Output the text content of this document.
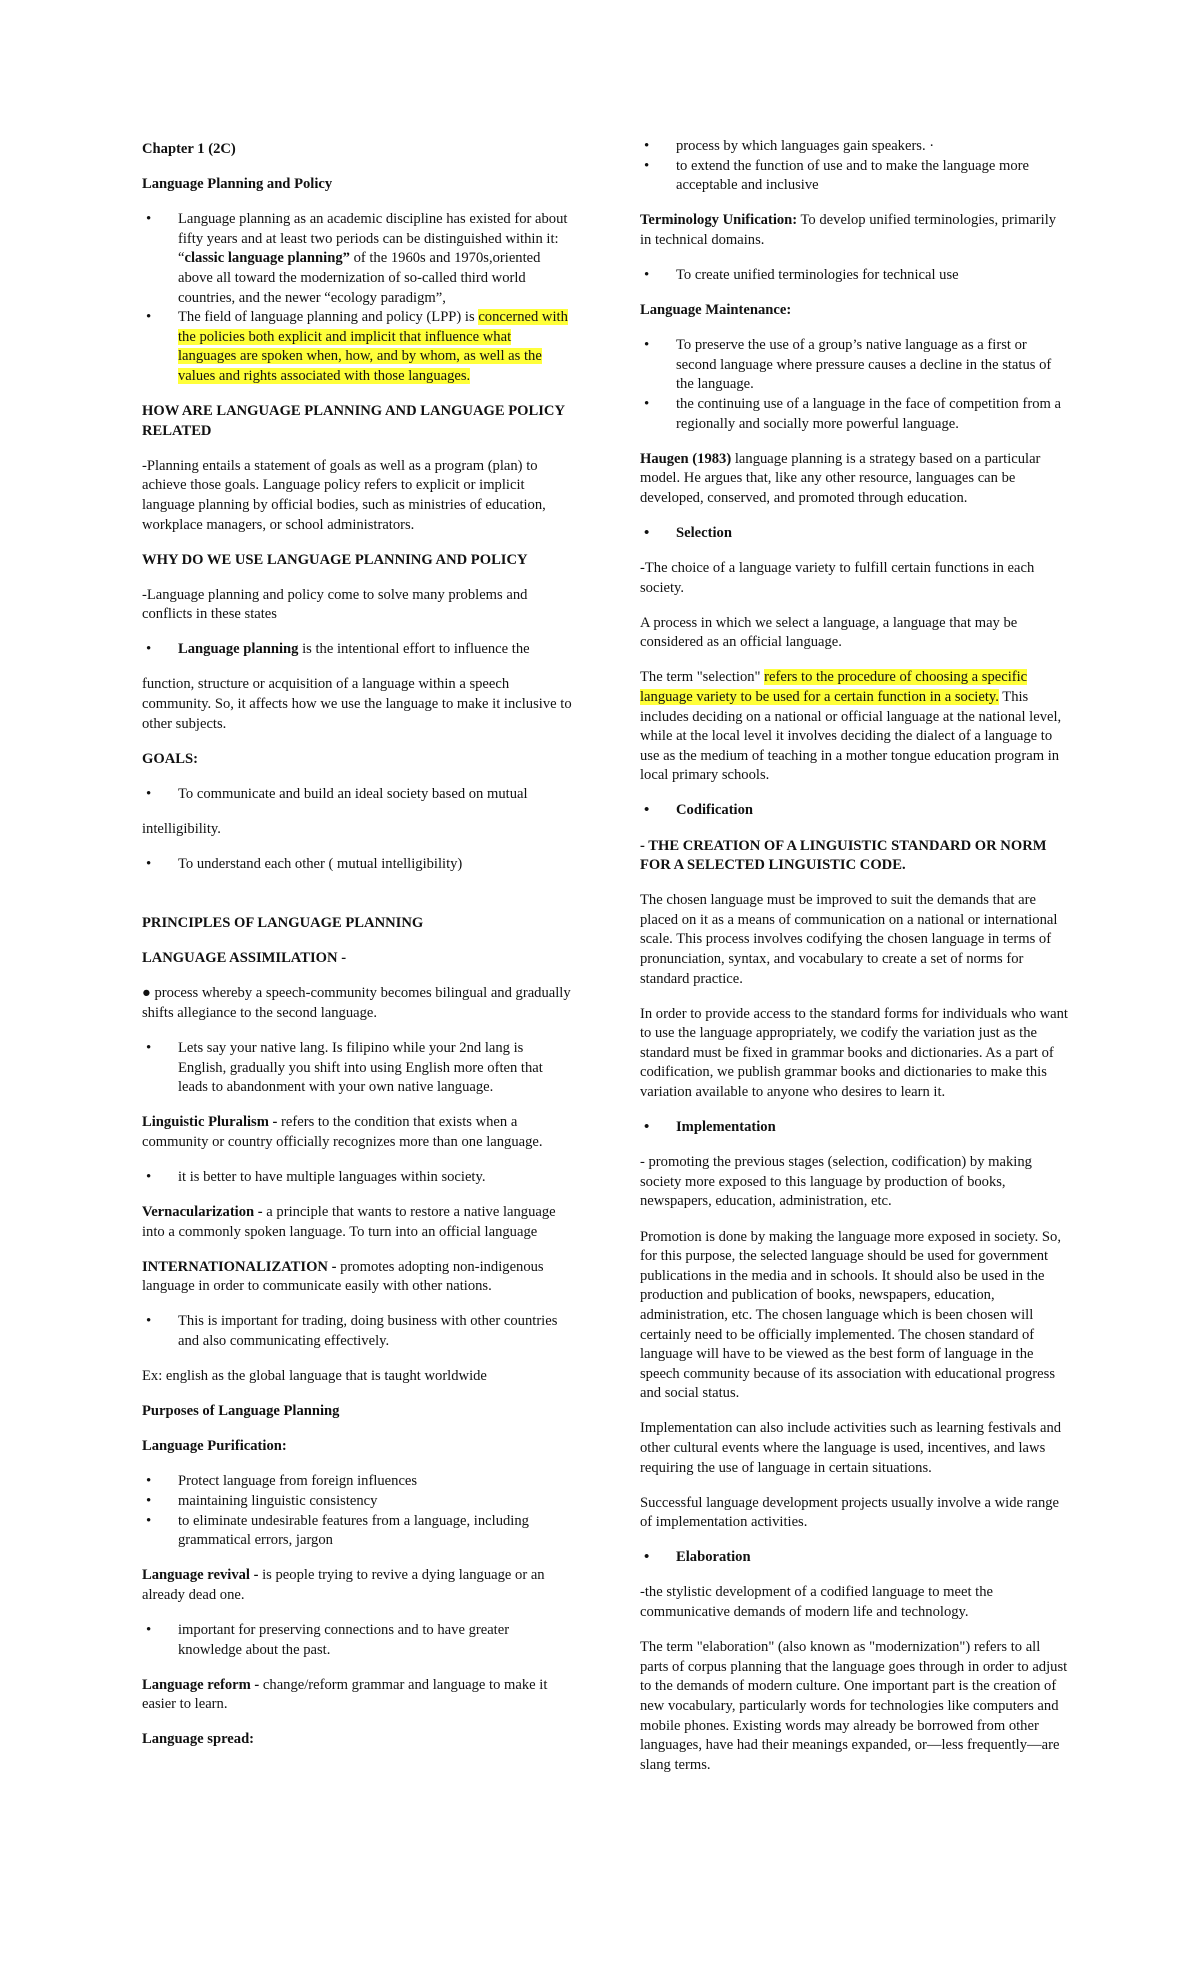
Chapter 1 (2C)

Language Planning and Policy

• Language planning as an academic discipline has existed for about fifty years and at least two periods can be distinguished within it: “classic language planning” of the 1960s and 1970s,oriented above all toward the modernization of so-called third world countries, and the newer “ecology paradigm”,
• The field of language planning and policy (LPP) is concerned with the policies both explicit and implicit that influence what languages are spoken when, how, and by whom, as well as the values and rights associated with those languages.

HOW ARE LANGUAGE PLANNING AND LANGUAGE POLICY RELATED

-Planning entails a statement of goals as well as a program (plan) to achieve those goals. Language policy refers to explicit or implicit language planning by official bodies, such as ministries of education, workplace managers, or school administrators.

WHY DO WE USE LANGUAGE PLANNING AND POLICY

-Language planning and policy come to solve many problems and conflicts in these states

• Language planning is the intentional effort to influence the

function, structure or acquisition of a language within a speech community. So, it affects how we use the language to make it inclusive to other subjects.

GOALS:

• To communicate and build an ideal society based on mutual

intelligibility.

• To understand each other ( mutual intelligibility)

PRINCIPLES OF LANGUAGE PLANNING

LANGUAGE ASSIMILATION -

● process whereby a speech-community becomes bilingual and gradually shifts allegiance to the second language.

• Lets say your native lang. Is filipino while your 2nd lang is English, gradually you shift into using English more often that leads to abandonment with your own native language.

Linguistic Pluralism - refers to the condition that exists when a community or country officially recognizes more than one language.

• it is better to have multiple languages within society.

Vernacularization - a principle that wants to restore a native language into a commonly spoken language. To turn into an official language

INTERNATIONALIZATION - promotes adopting non-indigenous language in order to communicate easily with other nations.

• This is important for trading, doing business with other countries and also communicating effectively.

Ex: english as the global language that is taught worldwide

Purposes of Language Planning

Language Purification:

• Protect language from foreign influences
• maintaining linguistic consistency
• to eliminate undesirable features from a language, including grammatical errors, jargon

Language revival - is people trying to revive a dying language or an already dead one.

• important for preserving connections and to have greater knowledge about the past.

Language reform - change/reform grammar and language to make it easier to learn.

Language spread:

• process by which languages gain speakers. ·
• to extend the function of use and to make the language more acceptable and inclusive

Terminology Unification: To develop unified terminologies, primarily in technical domains.

• To create unified terminologies for technical use

Language Maintenance:

• To preserve the use of a group’s native language as a first or second language where pressure causes a decline in the status of the language.
• the continuing use of a language in the face of competition from a regionally and socially more powerful language.

Haugen (1983) language planning is a strategy based on a particular model. He argues that, like any other resource, languages can be developed, conserved, and promoted through education.

• Selection

-The choice of a language variety to fulfill certain functions in each society.

A process in which we select a language, a language that may be considered as an official language.

The term "selection" refers to the procedure of choosing a specific language variety to be used for a certain function in a society. This includes deciding on a national or official language at the national level, while at the local level it involves deciding the dialect of a language to use as the medium of teaching in a mother tongue education program in local primary schools.

• Codification

- THE CREATION OF A LINGUISTIC STANDARD OR NORM FOR A SELECTED LINGUISTIC CODE.

The chosen language must be improved to suit the demands that are placed on it as a means of communication on a national or international scale. This process involves codifying the chosen language in terms of pronunciation, syntax, and vocabulary to create a set of norms for standard practice.

In order to provide access to the standard forms for individuals who want to use the language appropriately, we codify the variation just as the standard must be fixed in grammar books and dictionaries. As a part of codification, we publish grammar books and dictionaries to make this variation available to anyone who desires to learn it.

• Implementation

- promoting the previous stages (selection, codification) by making society more exposed to this language by production of books, newspapers, education, administration, etc.

Promotion is done by making the language more exposed in society. So, for this purpose, the selected language should be used for government publications in the media and in schools. It should also be used in the production and publication of books, newspapers, education, administration, etc. The chosen language which is been chosen will certainly need to be officially implemented. The chosen standard of language will have to be viewed as the best form of language in the speech community because of its association with educational progress and social status.

Implementation can also include activities such as learning festivals and other cultural events where the language is used, incentives, and laws requiring the use of language in certain situations.

Successful language development projects usually involve a wide range of implementation activities.

• Elaboration

-the stylistic development of a codified language to meet the communicative demands of modern life and technology.

The term "elaboration" (also known as "modernization") refers to all parts of corpus planning that the language goes through in order to adjust to the demands of modern culture. One important part is the creation of new vocabulary, particularly words for technologies like computers and mobile phones. Existing words may already be borrowed from other languages, have had their meanings expanded, or—less frequently—are slang terms.
